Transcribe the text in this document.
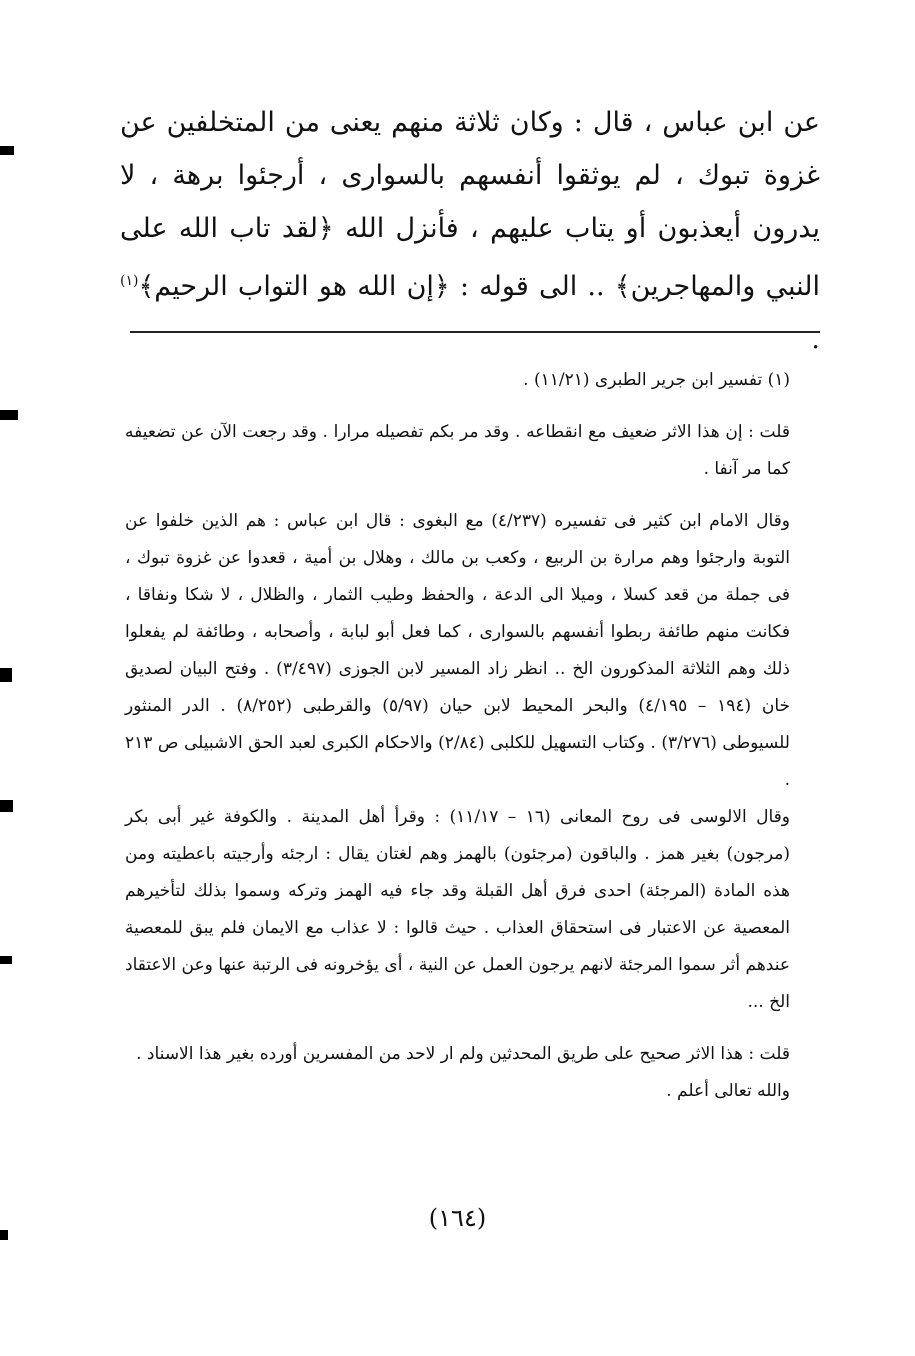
عن ابن عباس ، قال : وكان ثلاثة منهم يعنى من المتخلفين عن غزوة تبوك ، لم يوثقوا أنفسهم بالسوارى ، أرجئوا برهة ، لا يدرون أيعذبون أو يتاب عليهم ، فأنزل الله ﴿لقد تاب الله على النبي والمهاجرين﴾ .. الى قوله : ﴿إن الله هو التواب الرحيم﴾$^{(١)}$ .

(١) تفسير ابن جرير الطبرى (١١/٢١) .

قلت : إن هذا الاثر ضعيف مع انقطاعه . وقد مر بكم تفصيله مرارا . وقد رجعت الآن عن تضعيفه كما مر آنفا .

وقال الامام ابن كثير فى تفسيره (٤/٢٣٧) مع البغوى : قال ابن عباس : هم الذين خلفوا عن التوبة وارجئوا وهم مرارة بن الربيع ، وكعب بن مالك ، وهلال بن أمية ، قعدوا عن غزوة تبوك ، فى جملة من قعد كسلا ، وميلا الى الدعة ، والحفظ وطيب الثمار ، والظلال ، لا شكا ونفاقا ، فكانت منهم طائفة ربطوا أنفسهم بالسوارى ، كما فعل أبو لبابة ، وأصحابه ، وطائفة لم يفعلوا ذلك وهم الثلاثة المذكورون الخ .. انظر زاد المسير لابن الجوزى (٣/٤٩٧) . وفتح البيان لصديق خان (١٩٤ – ٤/١٩٥) والبحر المحيط لابن حيان (٥/٩٧) والقرطبى (٨/٢٥٢) . الدر المنثور للسيوطى (٣/٢٧٦) . وكتاب التسهيل للكلبى (٢/٨٤) والاحكام الكبرى لعبد الحق الاشبيلى ص ٢١٣ .

وقال الالوسى فى روح المعانى (١٦ – ١١/١٧) : وقرأ أهل المدينة . والكوفة غير أبى بكر (مرجون) بغير همز . والباقون (مرجئون) بالهمز وهم لغتان يقال : ارجئه وأرجيته باعطيته ومن هذه المادة (المرجئة) احدى فرق أهل القبلة وقد جاء فيه الهمز وتركه وسموا بذلك لتأخيرهم المعصية عن الاعتبار فى استحقاق العذاب . حيث قالوا : لا عذاب مع الايمان فلم يبق للمعصية عندهم أثر سموا المرجئة لانهم يرجون العمل عن النية ، أى يؤخرونه فى الرتبة عنها وعن الاعتقاد الخ ...

قلت : هذا الاثر صحيح على طريق المحدثين ولم ار لاحد من المفسرين أورده بغير هذا الاسناد .

والله تعالى أعلم .

(١٦٤)
